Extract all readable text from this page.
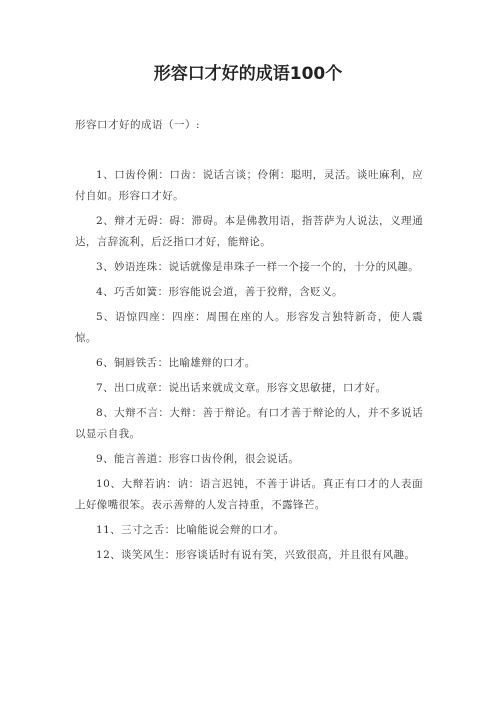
形容口才好的成语100个
形容口才好的成语（一）:

1、口齿伶俐：口齿：说话言谈；伶俐：聪明，灵活。谈吐麻利，应付自如。形容口才好。

2、辩才无碍：碍：滞碍。本是佛教用语，指菩萨为人说法，义理通达，言辞流利，后泛指口才好，能辩论。

3、妙语连珠：说话就像是串珠子一样一个接一个的，十分的风趣。

4、巧舌如簧：形容能说会道，善于狡辩，含贬义。

5、语惊四座：四座：周围在座的人。形容发言独特新奇，使人震惊。

6、铜唇铁舌：比喻雄辩的口才。

7、出口成章：说出话来就成文章。形容文思敏捷，口才好。

8、大辩不言：大辩：善于辩论。有口才善于辩论的人，并不多说话以显示自我。

9、能言善道：形容口齿伶俐，很会说话。

10、大辩若讷：讷：语言迟钝，不善于讲话。真正有口才的人表面上好像嘴很笨。表示善辩的人发言持重，不露锋芒。

11、三寸之舌：比喻能说会辩的口才。

12、谈笑风生：形容谈话时有说有笑，兴致很高，并且很有风趣。
